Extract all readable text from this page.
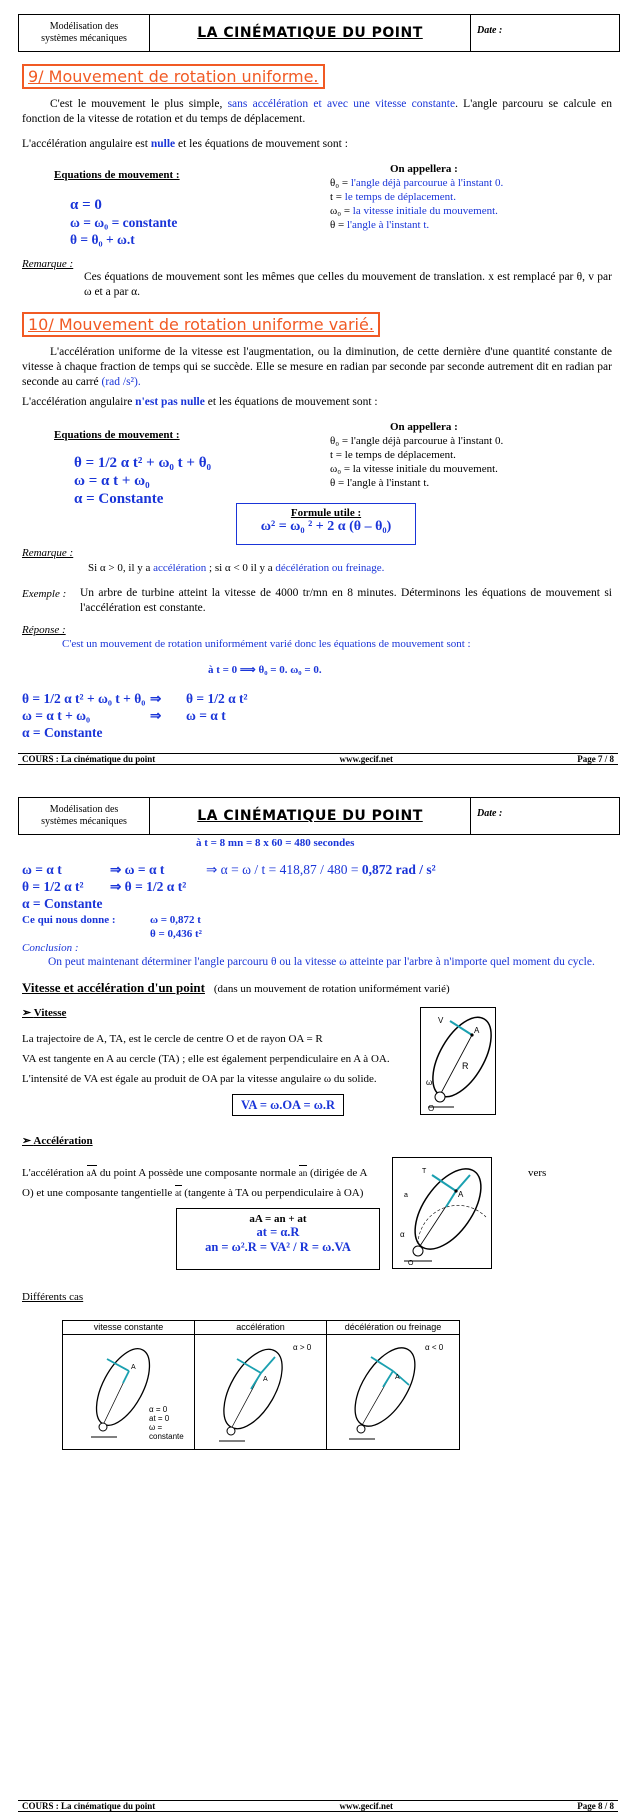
Modélisation des
systèmes mécaniques	LA CINÉMATIQUE DU POINT	Date :
9/ Mouvement de rotation uniforme.
C'est le mouvement le plus simple, sans accélération et avec une vitesse constante. L'angle parcouru se calcule en fonction de la vitesse de rotation et du temps de déplacement.
L'accélération angulaire est nulle et les équations de mouvement sont :
Equations de mouvement :
α = 0
ω = ω₀ = constante
θ = θ₀ + ω.t
On appellera :
θ₀ = l'angle déjà parcourue à l'instant 0.
t = le temps de déplacement.
ω₀ = la vitesse initiale du mouvement.
θ = l'angle à l'instant t.
Remarque :
Ces équations de mouvement sont les mêmes que celles du mouvement de translation. x est remplacé par θ, v par ω et a par α.
10/ Mouvement de rotation uniforme varié.
L'accélération uniforme de la vitesse est l'augmentation, ou la diminution, de cette dernière d'une quantité constante de vitesse à chaque fraction de temps qui se succède. Elle se mesure en radian par seconde par seconde autrement dit en radian par seconde au carré (rad /s²).
L'accélération angulaire n'est pas nulle et les équations de mouvement sont :
Equations de mouvement :
θ = 1/2 α t² + ω₀ t + θ₀
ω = α t + ω₀
α = Constante
On appellera :
θ₀ = l'angle déjà parcourue à l'instant 0.
t = le temps de déplacement.
ω₀ = la vitesse initiale du mouvement.
θ = l'angle à l'instant t.
Formule utile :
ω² = ω₀ ² + 2 α (θ – θ₀)
Remarque :
Si α > 0, il y a accélération ; si α < 0 il y a décélération ou freinage.
Exemple : Un arbre de turbine atteint la vitesse de 4000 tr/mn en 8 minutes. Déterminons les équations de mouvement si l'accélération est constante.
Réponse :
C'est un mouvement de rotation uniformément varié donc les équations de mouvement sont :
à t = 0 ⟹ θ₀ = 0. ω₀ = 0.
θ = 1/2 α t² + ω₀ t + θ₀ ⇒ θ = 1/2 α t²
ω = α t + ω₀	⇒ ω = α t
α = Constante
COURS : La cinématique du point	www.gecif.net	Page 7 / 8
Modélisation des
systèmes mécaniques	LA CINÉMATIQUE DU POINT	Date :
à t = 8 mn = 8 x 60 = 480 secondes
ω = α t	⇒ ω = α t	⇒ α = ω / t = 418,87 / 480 = 0,872 rad / s²
θ = 1/2 α t² ⇒ θ = 1/2 α t²
α = Constante
Ce qui nous donne :	ω = 0,872 t
θ = 0,436 t²
Conclusion :
On peut maintenant déterminer l'angle parcouru θ ou la vitesse ω atteinte par l'arbre à n'importe quel moment du cycle.
Vitesse et accélération d'un point (dans un mouvement de rotation uniformément varié)
➢ Vitesse
La trajectoire de A, TA, est le cercle de centre O et de rayon OA = R
VA est tangente en A au cercle (TA) ; elle est également perpendiculaire en A à OA.
L'intensité de VA est égale au produit de OA par la vitesse angulaire ω du solide.
VA = ω.OA = ω.R
A
R
V
ω
O
➢ Accélération
L'accélération aA du point A possède une composante normale an (dirigée de A	vers
O) et une composante tangentielle at (tangente à TA ou perpendiculaire à OA)
aA = an + at
at = α.R
an = ω².R = VA² / R = ω.VA
A
T
a
α
O
Différents cas
vitesse constante
A
α = 0
at = 0
ω = constante
accélération
A
α > 0
décélération ou freinage
A
α < 0
COURS : La cinématique du point	www.gecif.net	Page 8 / 8
